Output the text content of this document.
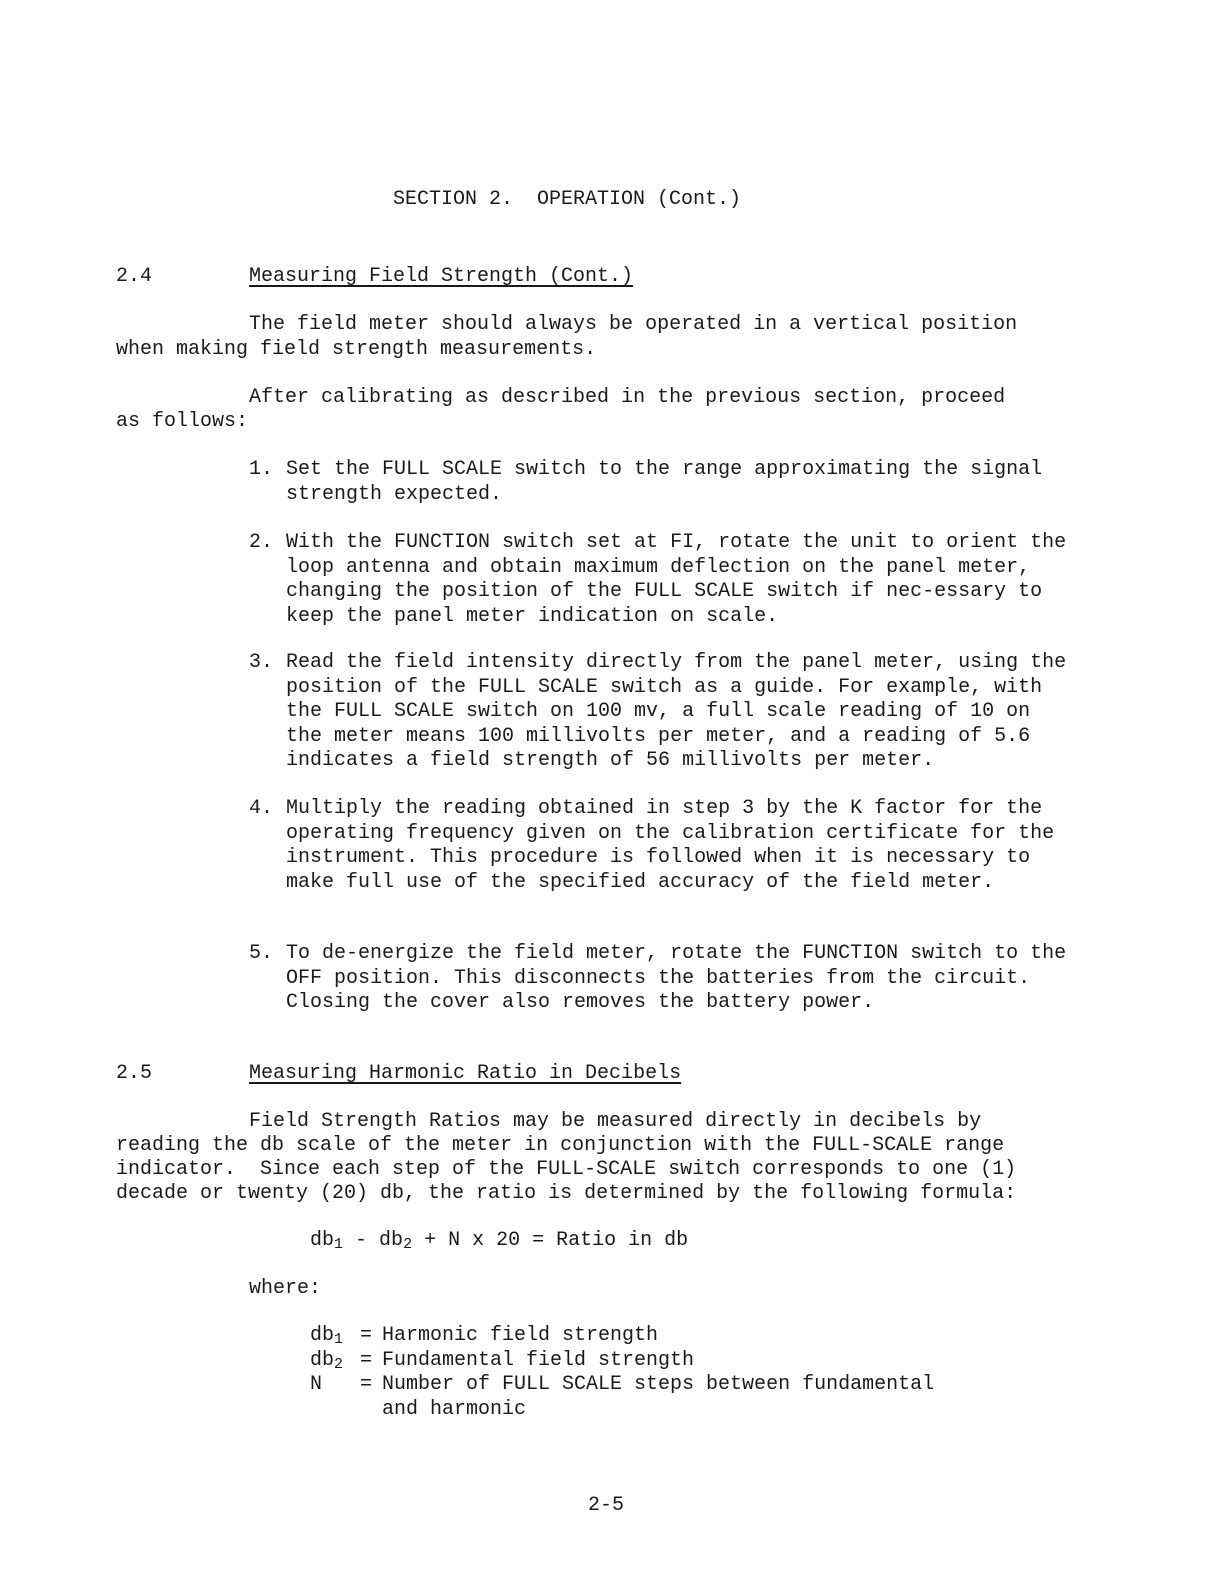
SECTION 2.  OPERATION (Cont.)
2.4	Measuring Field Strength (Cont.)
The field meter should always be operated in a vertical position
when making field strength measurements.
After calibrating as described in the previous section, proceed
as follows:
1. Set the FULL SCALE switch to the range approximating the signal strength expected.
2. With the FUNCTION switch set at FI, rotate the unit to orient the loop antenna and obtain maximum deflection on the panel meter, changing the position of the FULL SCALE switch if nec-essary to keep the panel meter indication on scale.
3. Read the field intensity directly from the panel meter, using the position of the FULL SCALE switch as a guide. For example, with the FULL SCALE switch on 100 mv, a full scale reading of 10 on the meter means 100 millivolts per meter, and a reading of 5.6 indicates a field strength of 56 millivolts per meter.
4. Multiply the reading obtained in step 3 by the K factor for the operating frequency given on the calibration certificate for the instrument. This procedure is followed when it is necessary to make full use of the specified accuracy of the field meter.
5. To de-energize the field meter, rotate the FUNCTION switch to the OFF position. This disconnects the batteries from the circuit. Closing the cover also removes the battery power.
2.5	Measuring Harmonic Ratio in Decibels
Field Strength Ratios may be measured directly in decibels by
reading the db scale of the meter in conjunction with the FULL-SCALE range
indicator.  Since each step of the FULL-SCALE switch corresponds to one (1)
decade or twenty (20) db, the ratio is determined by the following formula:
$db_1 - db_2 + N$ x 20 = Ratio in db
where:
$db_1$ = Harmonic field strength
$db_2$ = Fundamental field strength
N = Number of FULL SCALE steps between fundamental and harmonic
2-5
